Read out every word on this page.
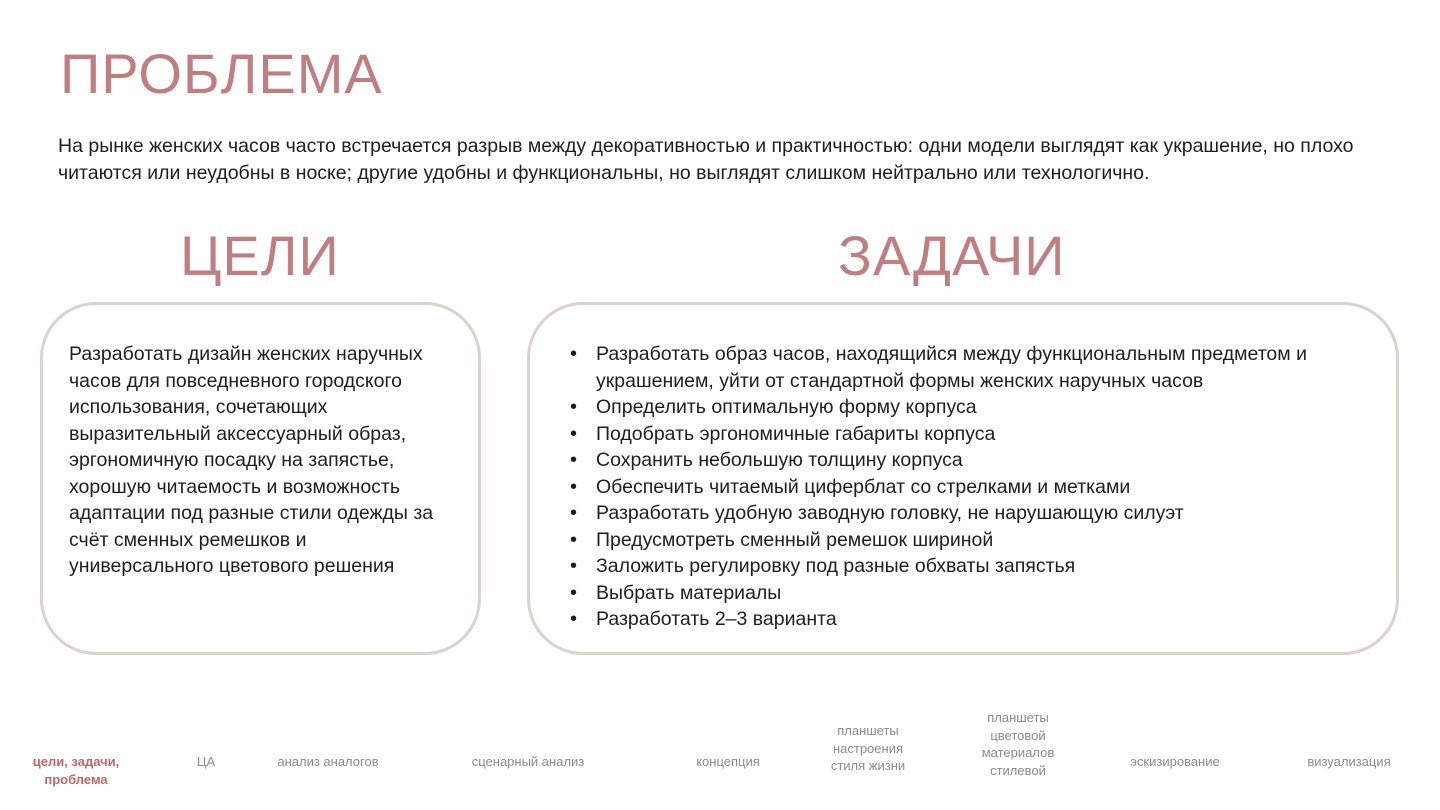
ПРОБЛЕМА

На рынке женских часов часто встречается разрыв между декоративностью и практичностью: одни модели выглядят как украшение, но плохо читаются или неудобны в носке; другие удобны и функциональны, но выглядят слишком нейтрально или технологично.

ЦЕЛИ	ЗАДАЧИ

Разработать дизайн женских наручных часов для повседневного городского использования, сочетающих выразительный аксессуарный образ, эргономичную посадку на запястье, хорошую читаемость и возможность адаптации под разные стили одежды за счёт сменных ремешков и универсального цветового решения

• Разработать образ часов, находящийся между функциональным предметом и украшением, уйти от стандартной формы женских наручных часов
• Определить оптимальную форму корпуса
• Подобрать эргономичные габариты корпуса
• Сохранить небольшую толщину корпуса
• Обеспечить читаемый циферблат со стрелками и метками
• Разработать удобную заводную головку, не нарушающую силуэт
• Предусмотреть сменный ремешок шириной
• Заложить регулировку под разные обхваты запястья
• Выбрать материалы
• Разработать 2–3 варианта
цели, задачи,
проблема
ЦА	анализ аналогов	сценарный анализ	концепция
планшеты
настроения
стиля жизни
планшеты
цветовой
материалов
стилевой
эскизирование	визуализация
